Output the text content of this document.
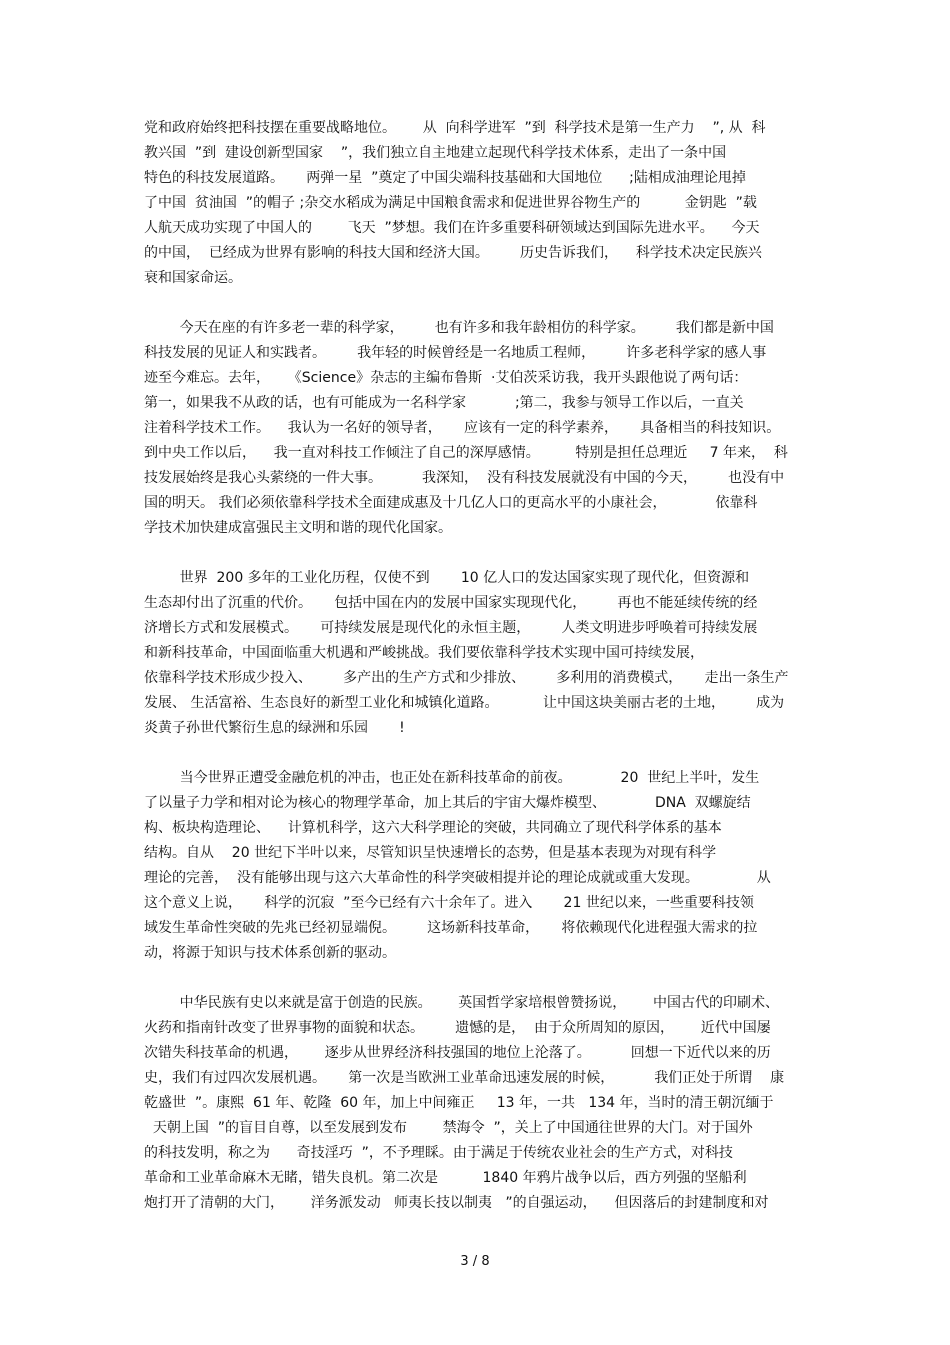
党和政府始终把科技摆在重要战略地位。      从  向科学进军  ”到  科学技术是第一生产力    ”, 从  科
教兴国  ”到  建设创新型国家    ”，我们独立自主地建立起现代科学技术体系，走出了一条中国
特色的科技发展道路。     两弹一星  ”奠定了中国尖端科技基础和大国地位      ;陆相成油理论甩掉
了中国  贫油国  ”的帽子 ;杂交水稻成为满足中国粮食需求和促进世界谷物生产的          金钥匙  ”载
人航天成功实现了中国人的        飞天  ”梦想。我们在许多重要科研领域达到国际先进水平。    今天
的中国，  已经成为世界有影响的科技大国和经济大国。       历史告诉我们，    科学技术决定民族兴
衰和国家命运。
今天在座的有许多老一辈的科学家，       也有许多和我年龄相仿的科学家。       我们都是新中国
科技发展的见证人和实践者。       我年轻的时候曾经是一名地质工程师，       许多老科学家的感人事
迹至今难忘。去年，    《Science》杂志的主编布鲁斯  ·艾伯茨采访我，我开头跟他说了两句话：
第一，如果我不从政的话，也有可能成为一名科学家           ;第二，我参与领导工作以后，一直关
注着科学技术工作。    我认为一名好的领导者，     应该有一定的科学素养，     具备相当的科技知识。
到中央工作以后，    我一直对科技工作倾注了自己的深厚感情。        特别是担任总理近     7 年来，  科
技发展始终是我心头萦绕的一件大事。         我深知，  没有科技发展就没有中国的今天，       也没有中
国的明天。 我们必须依靠科学技术全面建成惠及十几亿人口的更高水平的小康社会，           依靠科
学技术加快建成富强民主文明和谐的现代化国家。
世界  200 多年的工业化历程，仅使不到       10 亿人口的发达国家实现了现代化，但资源和
生态却付出了沉重的代价。     包括中国在内的发展中国家实现现代化，       再也不能延续传统的经
济增长方式和发展模式。     可持续发展是现代化的永恒主题，       人类文明进步呼唤着可持续发展
和新科技革命，中国面临重大机遇和严峻挑战。我们要依靠科学技术实现中国可持续发展，
依靠科学技术形成少投入、       多产出的生产方式和少排放、       多利用的消费模式，     走出一条生产
发展、 生活富裕、生态良好的新型工业化和城镇化道路。          让中国这块美丽古老的土地，       成为
炎黄子孙世代繁衍生息的绿洲和乐园       !
当今世界正遭受金融危机的冲击，也正处在新科技革命的前夜。           20  世纪上半叶，发生
了以量子力学和相对论为核心的物理学革命，加上其后的宇宙大爆炸模型、           DNA  双螺旋结
构、板块构造理论、    计算机科学，这六大科学理论的突破，共同确立了现代科学体系的基本
结构。自从    20 世纪下半叶以来，尽管知识呈快速增长的态势，但是基本表现为对现有科学
理论的完善，  没有能够出现与这六大革命性的科学突破相提并论的理论成就或重大发现。             从
这个意义上说，     科学的沉寂  ”至今已经有六十余年了。进入       21 世纪以来，一些重要科技领
域发生革命性突破的先兆已经初显端倪。       这场新科技革命，     将依赖现代化进程强大需求的拉
动，将源于知识与技术体系创新的驱动。
中华民族有史以来就是富于创造的民族。      英国哲学家培根曾赞扬说，      中国古代的印刷术、
火药和指南针改变了世界事物的面貌和状态。       遗憾的是，  由于众所周知的原因，      近代中国屡
次错失科技革命的机遇，      逐步从世界经济科技强国的地位上沦落了。         回想一下近代以来的历
史，我们有过四次发展机遇。     第一次是当欧洲工业革命迅速发展的时候，         我们正处于所谓    康
乾盛世  ”。康熙  61 年、乾隆  60 年，加上中间雍正     13 年，一共   134 年，当时的清王朝沉缅于
天朝上国  ”的盲目自尊，以至发展到发布        禁海令  ”，关上了中国通往世界的大门。对于国外
的科技发明，称之为      奇技淫巧  ”，不予理睬。由于满足于传统农业社会的生产方式，对科技
革命和工业革命麻木无睹，错失良机。第二次是          1840 年鸦片战争以后，西方列强的坚船利
炮打开了清朝的大门，      洋务派发动   师夷长技以制夷   ”的自强运动，    但因落后的封建制度和对
3 / 8
